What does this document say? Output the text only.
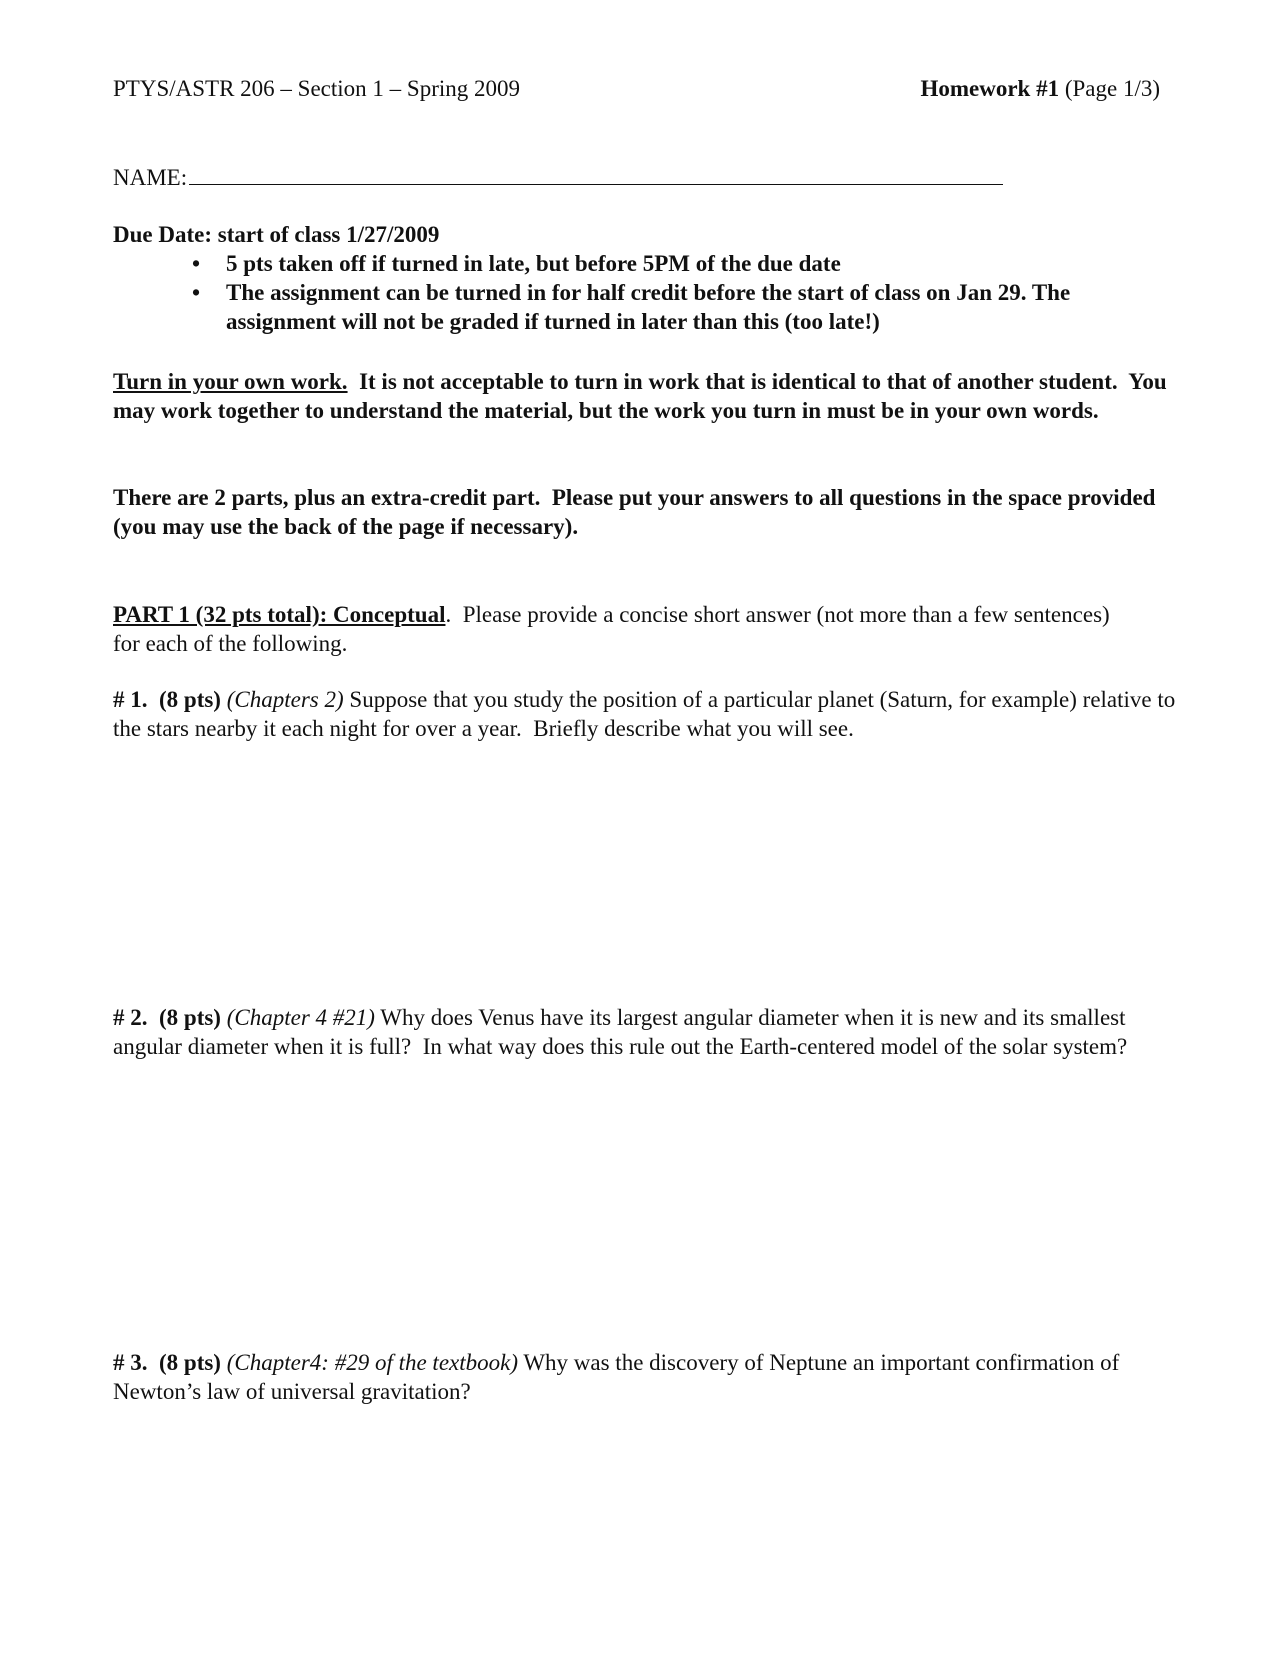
PTYS/ASTR 206 – Section 1 – Spring 2009	Homework #1 (Page 1/3)
NAME:

Due Date: start of class 1/27/2009

• 5 pts taken off if turned in late, but before 5PM of the due date
• The assignment can be turned in for half credit before the start of class on Jan 29. The assignment will not be graded if turned in later than this (too late!)
Turn in your own work.  It is not acceptable to turn in work that is identical to that of another student.  You may work together to understand the material, but the work you turn in must be in your own words.
There are 2 parts, plus an extra-credit part.  Please put your answers to all questions in the space provided (you may use the back of the page if necessary).
PART 1 (32 pts total): Conceptual.  Please provide a concise short answer (not more than a few sentences) for each of the following.
# 1.  (8 pts) (Chapters 2) Suppose that you study the position of a particular planet (Saturn, for example) relative to the stars nearby it each night for over a year.  Briefly describe what you will see.
# 2.  (8 pts) (Chapter 4 #21) Why does Venus have its largest angular diameter when it is new and its smallest angular diameter when it is full?  In what way does this rule out the Earth-centered model of the solar system?
# 3.  (8 pts) (Chapter4: #29 of the textbook) Why was the discovery of Neptune an important confirmation of Newton’s law of universal gravitation?
